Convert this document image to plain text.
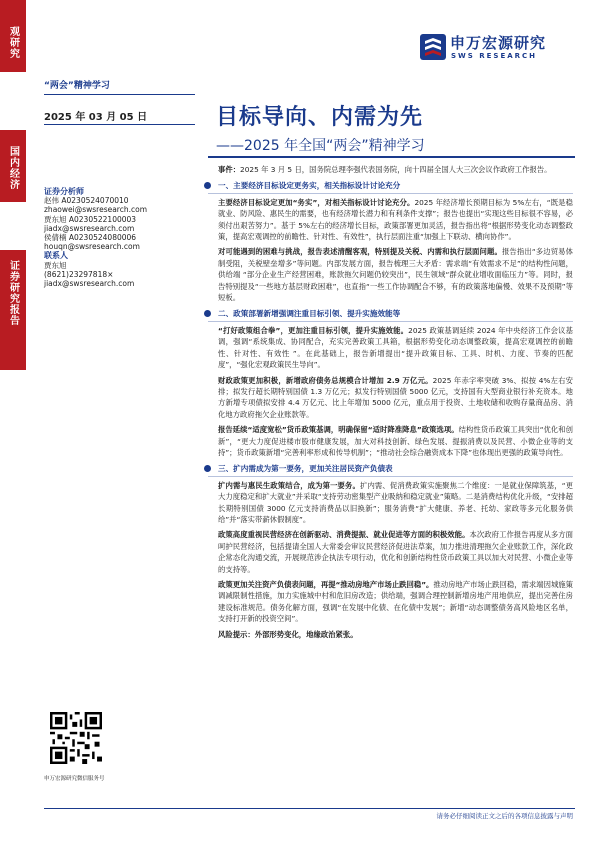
观研究
国内经济
证券研究报告
申万宏源研究
SWS RESEARCH
“两会”精神学习
2025 年 03 月 05 日
证券分析师
赵伟 A0230524070010
zhaowei@swsresearch.com
贾东旭 A0230522100003
jiadx@swsresearch.com
侯倩楠 A0230524080006
houqn@swsresearch.com
联系人
贾东旭
(8621)23297818×
jiadx@swsresearch.com
申万宏源研究微信服务号
目标导向、内需为先
——2025 年全国“两会”精神学习

事件：2025 年 3 月 5 日，国务院总理李强代表国务院，向十四届全国人大三次会议作政府工作报告。

一、主要经济目标设定更务实，相关指标设计讨论充分

主要经济目标设定更加“务实”，对相关指标设计讨论充分。2025 年经济增长预期目标为 5%左右，“既是稳就业、防风险、惠民生的需要，也有经济增长潜力和有利条件支撑”；报告也提出“实现这些目标很不容易，必须付出艰苦努力”。基于 5%左右的经济增长目标，政策部署更加灵活，报告指出将“根据形势变化动态调整政策，提高宏观调控的前瞻性、针对性、有效性”，执行层面注重“加强上下联动、横向协作”。

对可能遇到的困难与挑战，报告表述清醒客观，特别提及关税、内需和执行层面问题。报告指出“多边贸易体制受阻，关税壁垒增多”等问题。内部发展方面，报告梳理三大矛盾：需求端“有效需求不足”的结构性问题，供给端 “部分企业生产经营困难，账款拖欠问题仍较突出”，民生领域“群众就业增收面临压力”等。同时，报告特别提及“一些地方基层财政困难”，也直指“一些工作协调配合不够，有的政策落地偏慢、效果不及预期”等短板。

二、政策部署新增强调注重目标引领、提升实施效能等

“打好政策组合拳”，更加注重目标引领，提升实施效能。2025 政策基调延续 2024 年中央经济工作会议基调，强调“系统集成、协同配合，充实完善政策工具箱，根据形势变化动态调整政策，提高宏观调控的前瞻性、针对性、有效性 ”。在此基础上，报告新增提出“提升政策目标、工具、时机、力度、节奏的匹配度”，“强化宏观政策民生导向”。

财政政策更加积极，新增政府债务总规模合计增加 2.9 万亿元。2025 年赤字率突破 3%、拟按 4%左右安排；拟发行超长期特别国债 1.3 万亿元；拟发行特别国债 5000 亿元，支持国有大型商业银行补充资本。地方新增专项债拟安排 4.4 万亿元、比上年增加 5000 亿元，重点用于投资、土地收储和收购存量商品房、消化地方政府拖欠企业账款等。

报告延续“适度宽松”货币政策基调，明确保留“适时降准降息”政策选项。结构性货币政策工具突出“优化和创新”，“更大力度促进楼市股市健康发展，加大对科技创新、绿色发展、提振消费以及民营、小微企业等的支持”；货币政策新增“完善利率形成和传导机制”；“推动社会综合融资成本下降”也体现出更强的政策导向性。

三、扩内需成为第一要务，更加关注居民资产负债表

扩内需与惠民生政策结合，成为第一要务。扩内需、促消费政策实施聚焦二个维度：一是就业保障筑基，“更大力度稳定和扩大就业”并采取“支持劳动密集型产业吸纳和稳定就业”策略。二是消费结构优化升级，“安排超长期特别国债 3000 亿元支持消费品以旧换新”；服务消费“扩大健康、养老、托幼、家政等多元化服务供给”并“落实带薪休假制度”。

政策高度重视民营经济在创新驱动、消费提振、就业促进等方面的积极效能。本次政府工作报告再度从多方面呵护民营经济，包括提请全国人大常委会审议民营经济促进法草案，加力推进清理拖欠企业账款工作，深化政企常态化沟通交流，开展规范涉企执法专项行动，优化和创新结构性货币政策工具以加大对民营、小微企业等的支持等。

政策更加关注资产负债表问题，再提“推动房地产市场止跌回稳”。推动房地产市场止跌回稳，需求端因城施策调减限制性措施，加力实施城中村和危旧房改造；供给端，强调合理控制新增房地产用地供应，提出完善住房建设标准规范。债务化解方面，强调“在发展中化债、在化债中发展”；新增“动态调整债务高风险地区名单，支持打开新的投资空间”。

风险提示：外部形势变化，地缘政治紧张。

请务必仔细阅读正文之后的各项信息披露与声明
